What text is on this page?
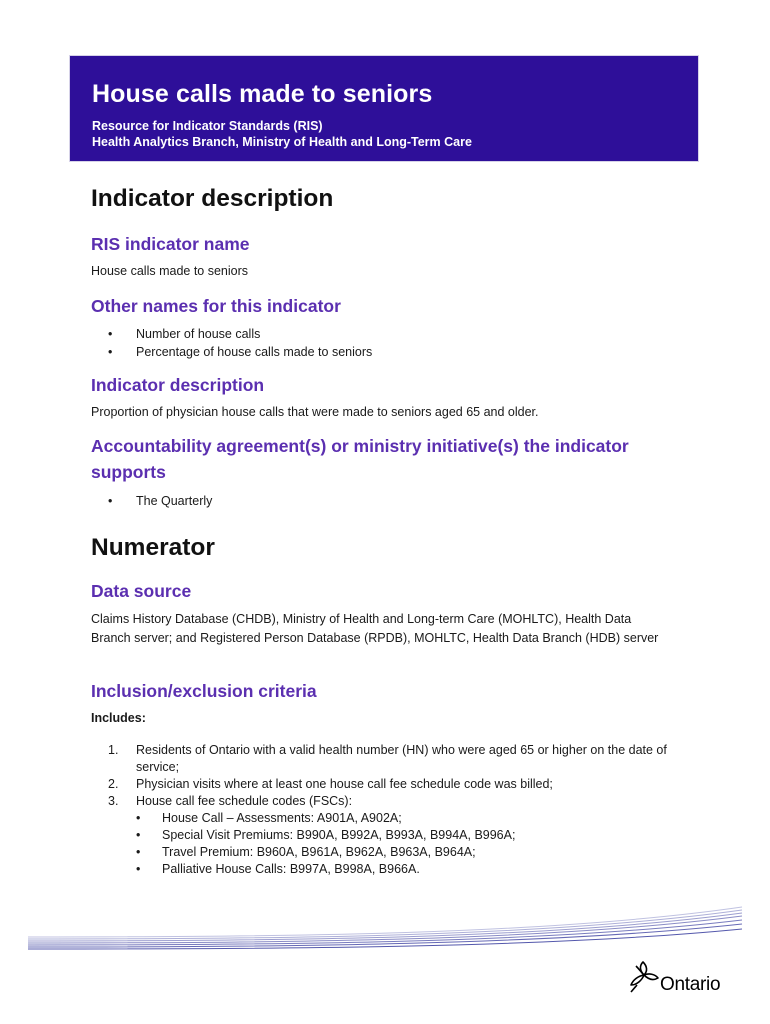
House calls made to seniors
Resource for Indicator Standards (RIS)
Health Analytics Branch, Ministry of Health and Long-Term Care
Indicator description
RIS indicator name
House calls made to seniors
Other names for this indicator
• Number of house calls
• Percentage of house calls made to seniors
Indicator description
Proportion of physician house calls that were made to seniors aged 65 and older.
Accountability agreement(s) or ministry initiative(s) the indicator supports
• The Quarterly
Numerator
Data source
Claims History Database (CHDB), Ministry of Health and Long-term Care (MOHLTC), Health Data Branch server; and Registered Person Database (RPDB), MOHLTC, Health Data Branch (HDB) server
Inclusion/exclusion criteria
Includes:
1. Residents of Ontario with a valid health number (HN) who were aged 65 or higher on the date of service;
2. Physician visits where at least one house call fee schedule code was billed;
3. House call fee schedule codes (FSCs):
• House Call – Assessments: A901A, A902A;
• Special Visit Premiums: B990A, B992A, B993A, B994A, B996A;
• Travel Premium: B960A, B961A, B962A, B963A, B964A;
• Palliative House Calls: B997A, B998A, B966A.
Ontario
